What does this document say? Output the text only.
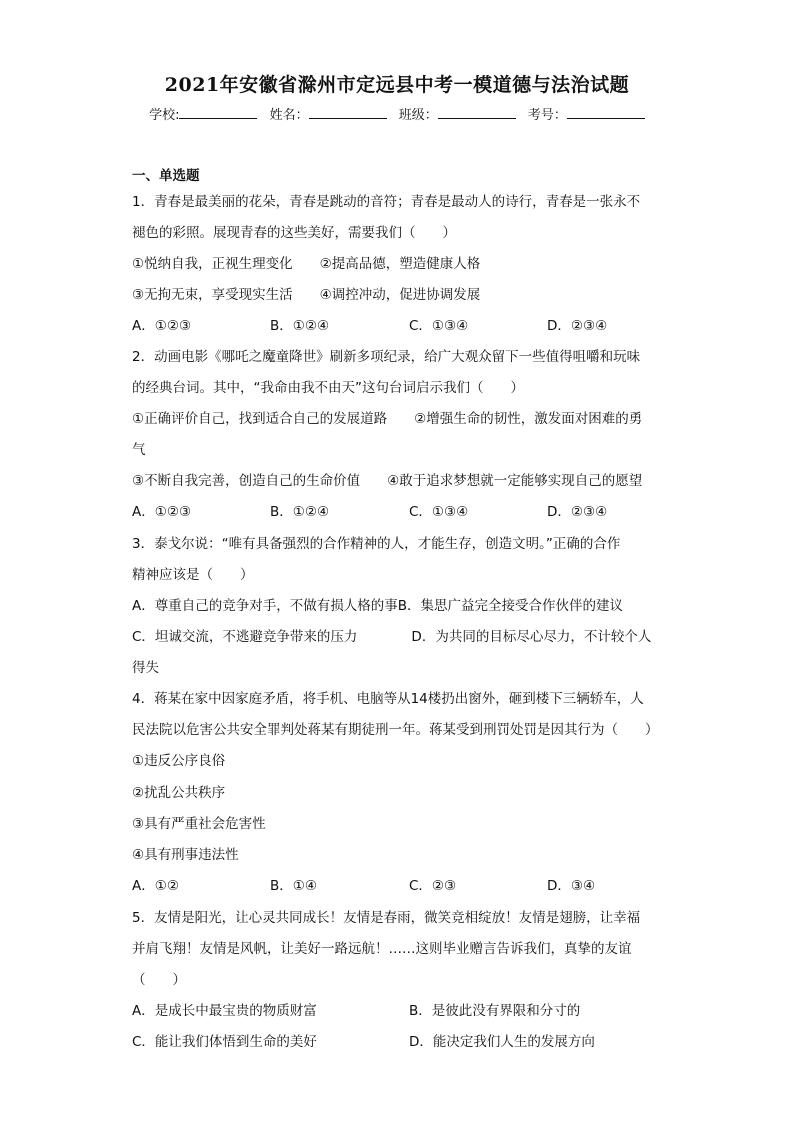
2021年安徽省滁州市定远县中考一模道德与法治试题
学校:	姓名：	班级：	考号：
一、单选题
1．青春是最美丽的花朵，青春是跳动的音符；青春是最动人的诗行，青春是一张永不
褪色的彩照。展现青春的这些美好，需要我们（　　）
①悦纳自我，正视生理变化　　②提高品德，塑造健康人格
③无拘无束，享受现实生活　　④调控冲动，促进协调发展
A．①②③	B．①②④	C．①③④	D．②③④
2．动画电影《哪吒之魔童降世》刷新多项纪录，给广大观众留下一些值得咀嚼和玩味
的经典台词。其中，“我命由我不由天”这句台词启示我们（　　）
①正确评价自己，找到适合自己的发展道路　　②增强生命的韧性，激发面对困难的勇
气
③不断自我完善，创造自己的生命价值　　④敢于追求梦想就一定能够实现自己的愿望
A．①②③	B．①②④	C．①③④	D．②③④
3．泰戈尔说：“唯有具备强烈的合作精神的人，才能生存，创造文明。”正确的合作
精神应该是（　　）
A．尊重自己的竞争对手，不做有损人格的事B．集思广益完全接受合作伙伴的建议
C．坦诚交流，不逃避竞争带来的压力　　　　D．为共同的目标尽心尽力，不计较个人
得失
4．蒋某在家中因家庭矛盾，将手机、电脑等从14楼扔出窗外，砸到楼下三辆轿车，人
民法院以危害公共安全罪判处蒋某有期徒刑一年。蒋某受到刑罚处罚是因其行为（　　）
①违反公序良俗
②扰乱公共秩序
③具有严重社会危害性
④具有刑事违法性
A．①②	B．①④	C．②③	D．③④
5．友情是阳光，让心灵共同成长！友情是春雨，微笑竞相绽放！友情是翅膀，让幸福
并肩飞翔！友情是风帆，让美好一路远航！……这则毕业赠言告诉我们，真挚的友谊
（　　）
A．是成长中最宝贵的物质财富	B．是彼此没有界限和分寸的
C．能让我们体悟到生命的美好	D．能决定我们人生的发展方向
